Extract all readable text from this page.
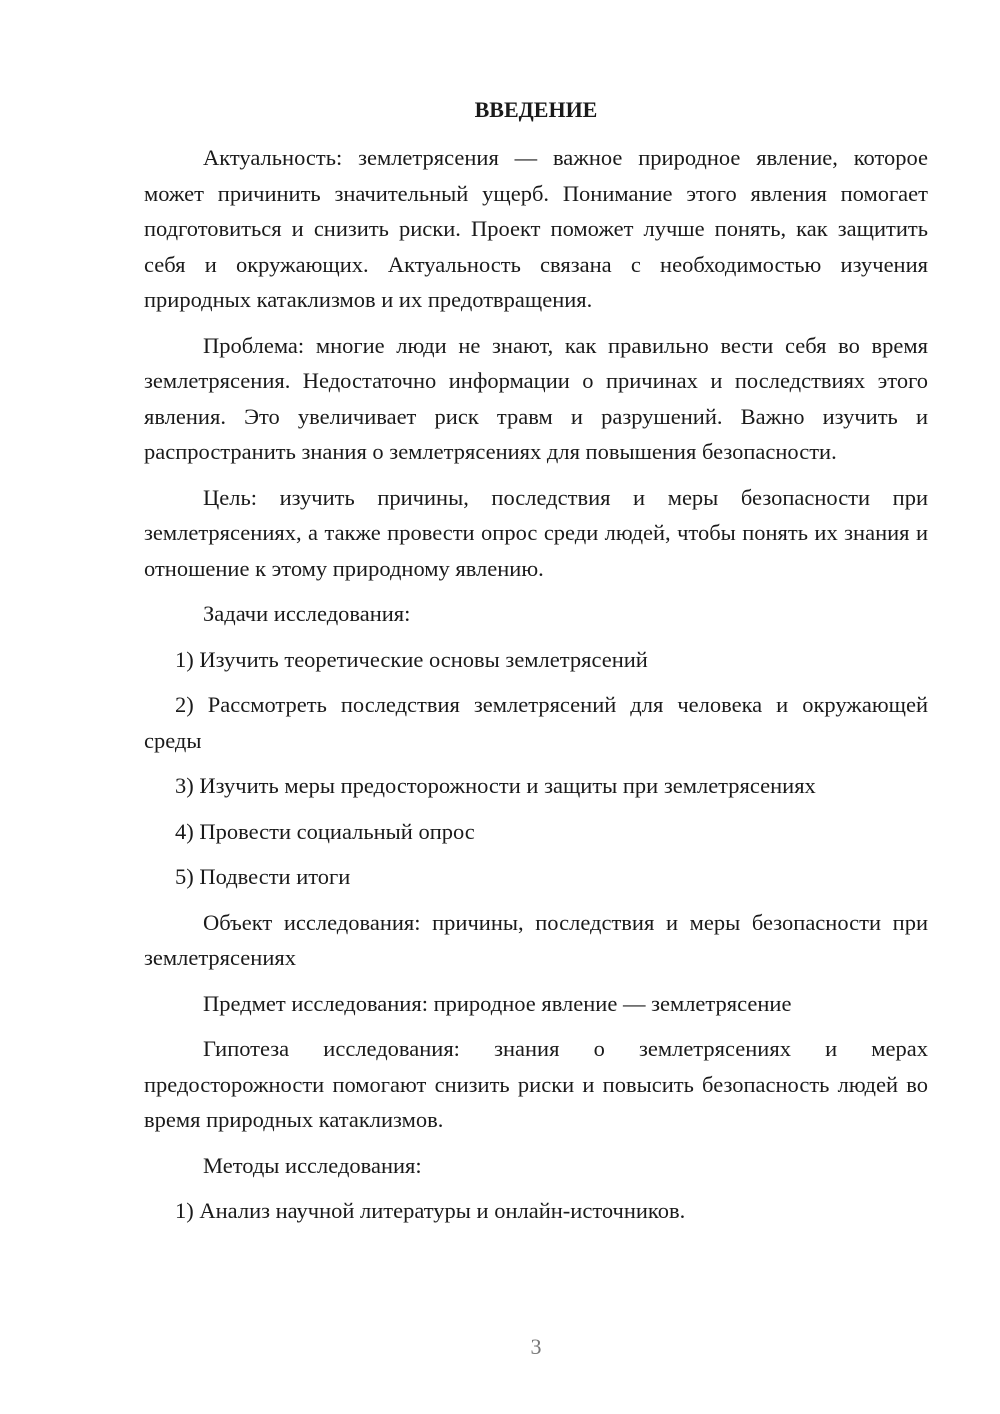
ВВЕДЕНИЕ

Актуальность: землетрясения — важное природное явление, которое может причинить значительный ущерб. Понимание этого явления помогает подготовиться и снизить риски. Проект поможет лучше понять, как защитить себя и окружающих. Актуальность связана с необходимостью изучения природных катаклизмов и их предотвращения.

Проблема: многие люди не знают, как правильно вести себя во время землетрясения. Недостаточно информации о причинах и последствиях этого явления. Это увеличивает риск травм и разрушений. Важно изучить и распространить знания о землетрясениях для повышения безопасности.

Цель: изучить причины, последствия и меры безопасности при землетрясениях, а также провести опрос среди людей, чтобы понять их знания и отношение к этому природному явлению.

Задачи исследования:

1) Изучить теоретические основы землетрясений

2) Рассмотреть последствия землетрясений для человека и окружающей среды

3) Изучить меры предосторожности и защиты при землетрясениях

4) Провести социальный опрос

5) Подвести итоги

Объект исследования: причины, последствия и меры безопасности при землетрясениях

Предмет исследования: природное явление — землетрясение

Гипотеза исследования: знания о землетрясениях и мерах предосторожности помогают снизить риски и повысить безопасность людей во время природных катаклизмов.

Методы исследования:

1) Анализ научной литературы и онлайн-источников.

3
